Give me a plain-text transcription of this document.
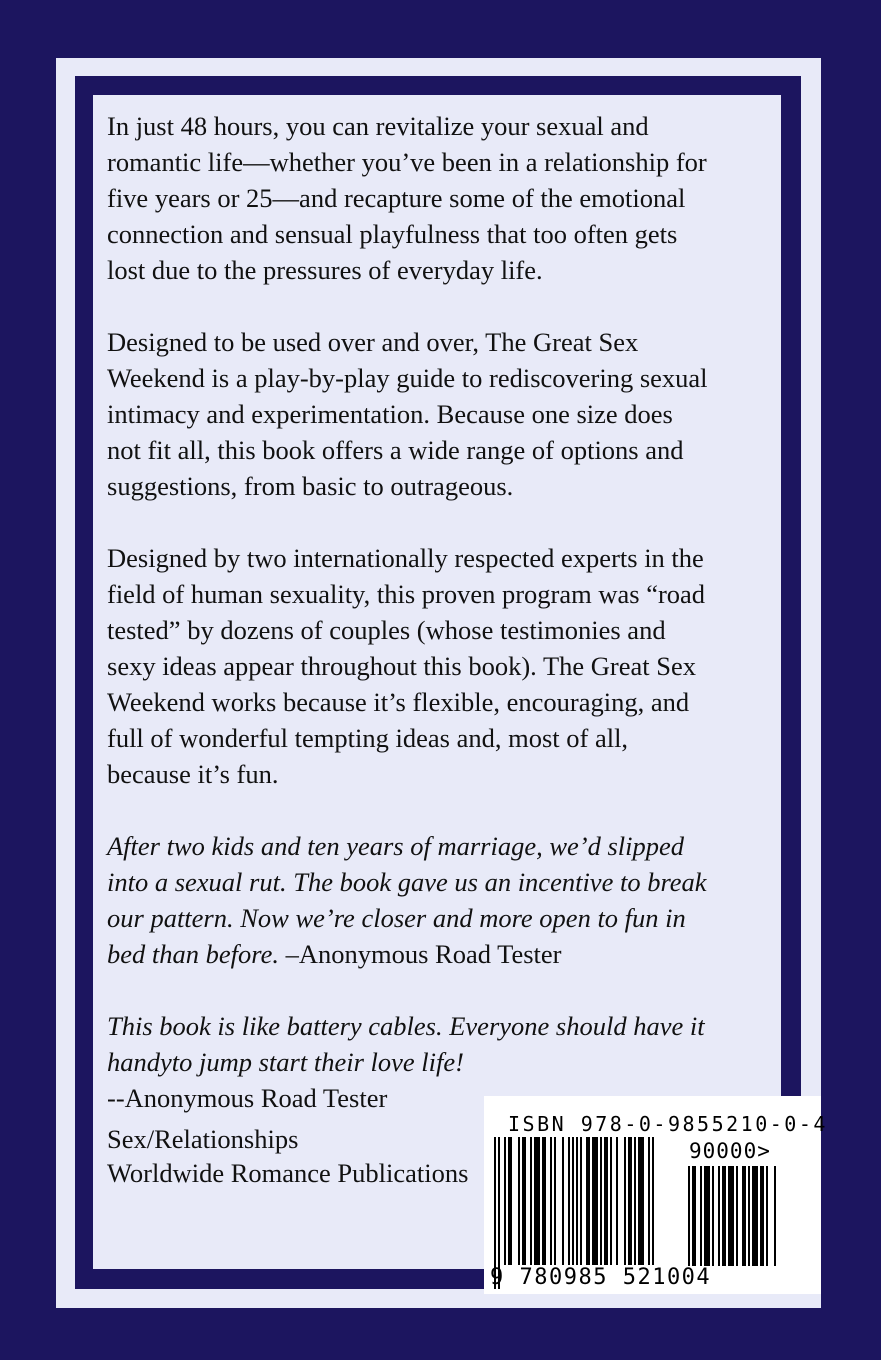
In just 48 hours, you can revitalize your sexual and
romantic life—whether you’ve been in a relationship for
five years or 25—and recapture some of the emotional
connection and sensual playfulness that too often gets
lost due to the pressures of everyday life.

Designed to be used over and over, The Great Sex
Weekend is a play-by-play guide to rediscovering sexual
intimacy and experimentation. Because one size does
not fit all, this book offers a wide range of options and
suggestions, from basic to outrageous.

Designed by two internationally respected experts in the
field of human sexuality, this proven program was “road
tested” by dozens of couples (whose testimonies and
sexy ideas appear throughout this book). The Great Sex
Weekend works because it’s flexible, encouraging, and
full of wonderful tempting ideas and, most of all,
because it’s fun.

After two kids and ten years of marriage, we’d slipped
into a sexual rut. The book gave us an incentive to break
our pattern. Now we’re closer and more open to fun in
bed than before. –Anonymous Road Tester

This book is like battery cables. Everyone should have it
handyto jump start their love life!
--Anonymous Road Tester

Sex/Relationships
Worldwide Romance Publications
ISBN 978-0-9855210-0-4
90000>
9 780985 521004
